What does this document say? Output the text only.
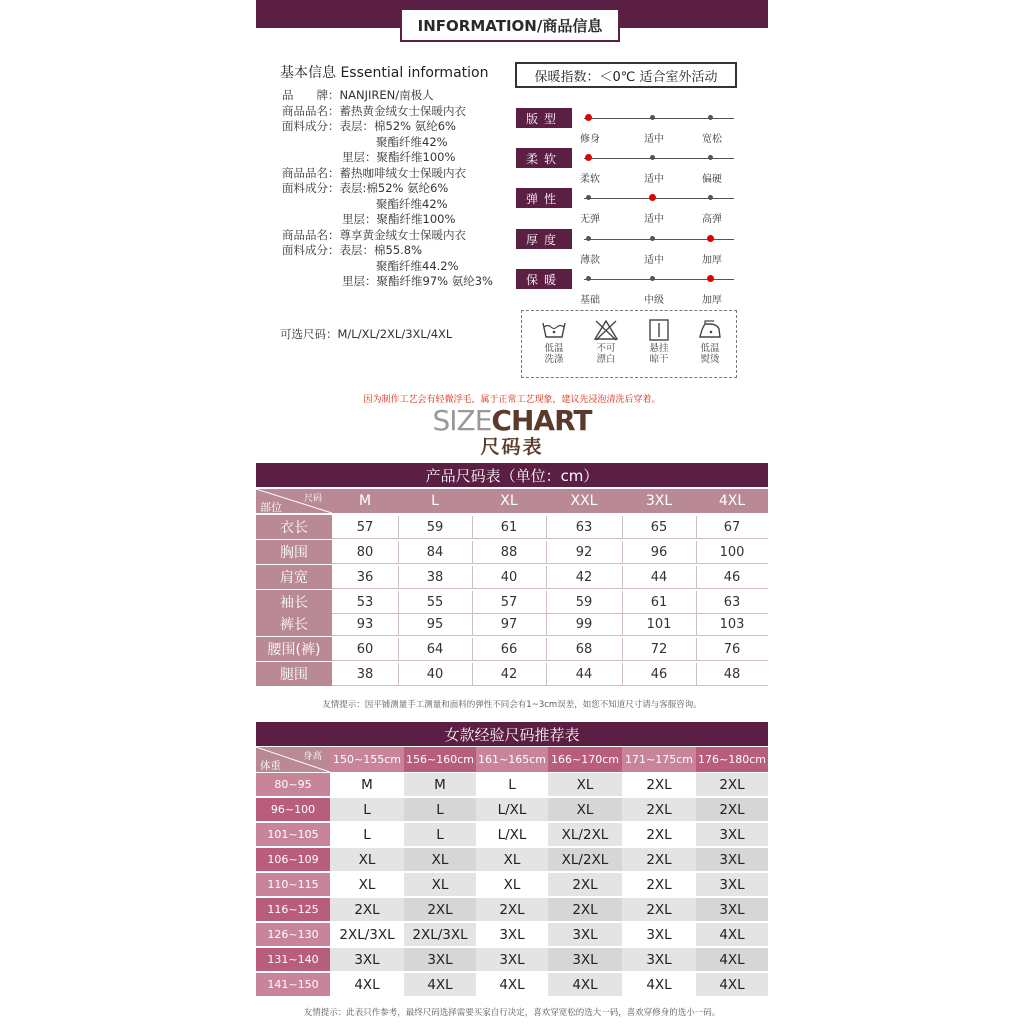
INFORMATION/商品信息
基本信息 Essential information	保暖指数：＜0℃ 适合室外活动
品　　牌：NANJIREN/南极人
商品品名：蓄热黄金绒女士保暖内衣
面料成分：表层：棉52% 氨纶6%
聚酯纤维42%
里层：聚酯纤维100%
商品品名：蓄热咖啡绒女士保暖内衣
面料成分：表层:棉52% 氨纶6%
聚酯纤维42%
里层：聚酯纤维100%
商品品名：尊享黄金绒女士保暖内衣
面料成分：表层：棉55.8%
聚酯纤维44.2%
里层：聚酯纤维97% 氨纶3%
可选尺码：M/L/XL/2XL/3XL/4XL
版型
修身	适中	宽松
柔软
柔软	适中	偏硬
弹性
无弹	适中	高弹
厚度
薄款	适中	加厚
保暖
基础	中级	加厚
低温
洗涤
不可
漂白
悬挂
晾干
低温
熨烫
因为制作工艺会有轻微浮毛，属于正常工艺现象，建议先浸泡清洗后穿着。
SIZECHART
尺码表
产品尺码表（单位：cm）
尺码
部位	M	L	XL	XXL	3XL	4XL
衣长	57	59	61	63	65	67
胸围	80	84	88	92	96	100
肩宽	36	38	40	42	44	46
袖长	53	55	57	59	61	63
裤长	93	95	97	99	101	103
腰围(裤)	60	64	66	68	72	76
腿围	38	40	42	44	46	48
友情提示：因平铺测量手工测量和面料的弹性不同会有1~3cm误差，如您不知道尺寸请与客服咨询。
女款经验尺码推荐表
身高
体重	150~155cm 156~160cm 161~165cm 166~170cm 171~175cm 176~180cm
80~95	M	M	L	XL	2XL	2XL
96~100	L	L	L/XL	XL	2XL	2XL
101~105	L	L	L/XL	XL/2XL	2XL	3XL
106~109	XL	XL	XL	XL/2XL	2XL	3XL
110~115	XL	XL	XL	2XL	2XL	3XL
116~125	2XL	2XL	2XL	2XL	2XL	3XL
126~130	2XL/3XL	2XL/3XL	3XL	3XL	3XL	4XL
131~140	3XL	3XL	3XL	3XL	3XL	4XL
141~150	4XL	4XL	4XL	4XL	4XL	4XL
友情提示：此表只作参考，最终尺码选择需要买家自行决定，喜欢穿宽松的选大一码，喜欢穿修身的选小一码。
